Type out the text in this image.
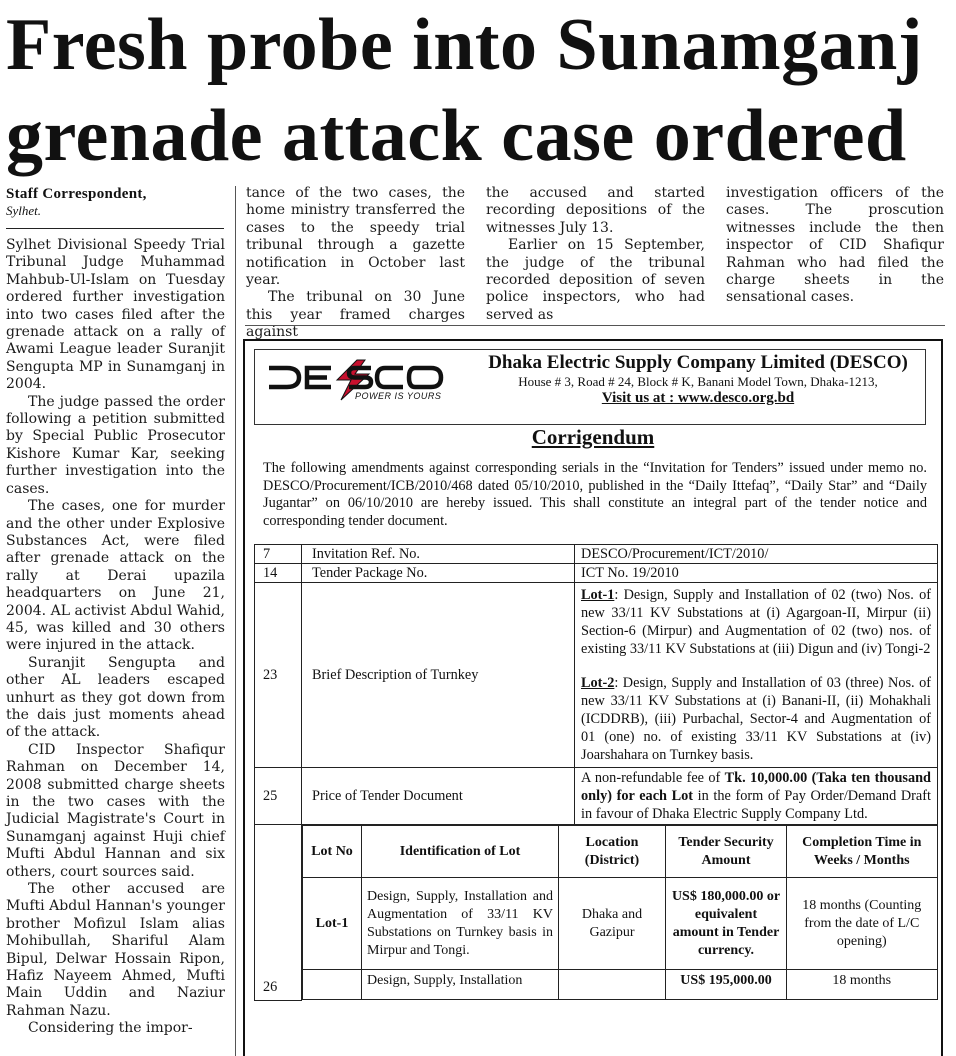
Fresh probe into Sunamganj
grenade attack case ordered
Staff Correspondent,
Sylhet.

Sylhet Divisional Speedy Trial Tribunal Judge Muhammad Mahbub-Ul-Islam on Tuesday ordered further investigation into two cases filed after the grenade attack on a rally of Awami League leader Suranjit Sengupta MP in Sunamganj in 2004.

The judge passed the order following a petition submitted by Special Public Prosecutor Kishore Kumar Kar, seeking further investigation into the cases.

The cases, one for murder and the other under Explosive Substances Act, were filed after grenade attack on the rally at Derai upazila headquarters on June 21, 2004. AL activist Abdul Wahid, 45, was killed and 30 others were injured in the attack.

Suranjit Sengupta and other AL leaders escaped unhurt as they got down from the dais just moments ahead of the attack.

CID Inspector Shafiqur Rahman on December 14, 2008 submitted charge sheets in the two cases with the Judicial Magistrate's Court in Sunamganj against Huji chief Mufti Abdul Hannan and six others, court sources said.

The other accused are Mufti Abdul Hannan's younger brother Mofizul Islam alias Mohibullah, Shariful Alam Bipul, Delwar Hossain Ripon, Hafiz Nayeem Ahmed, Mufti Main Uddin and Naziur Rahman Nazu.

Considering the impor-

tance of the two cases, the home ministry transferred the cases to the speedy trial tribunal through a gazette notification in October last year.

The tribunal on 30 June this year framed charges against

the accused and started recording depositions of the witnesses July 13.

Earlier on 15 September, the judge of the tribunal recorded deposition of seven police inspectors, who had served as

investigation officers of the cases. The proscution witnesses include the then inspector of CID Shafiqur Rahman who had filed the charge sheets in the sensational cases.

POWER IS YOURS
Dhaka Electric Supply Company Limited (DESCO)
House # 3, Road # 24, Block # K, Banani Model Town, Dhaka-1213,
Visit us at : www.desco.org.bd
Corrigendum
The following amendments against corresponding serials in the “Invitation for Tenders” issued under memo no. DESCO/Procurement/ICB/2010/468 dated 05/10/2010, published in the “Daily Ittefaq”, “Daily Star” and “Daily Jugantar” on 06/10/2010 are hereby issued. This shall constitute an integral part of the tender notice and corresponding tender document.
7	Invitation Ref. No.	DESCO/Procurement/ICT/2010/
14	Tender Package No.	ICT No. 19/2010
23	Brief Description of Turnkey	
Lot-1: Design, Supply and Installation of 02 (two) Nos. of new 33/11 KV Substations at (i) Agargoan-II, Mirpur (ii) Section-6 (Mirpur) and Augmentation of 02 (two) nos. of existing 33/11 KV Substations at (iii) Digun and (iv) Tongi-2
Lot-2: Design, Supply and Installation of 03 (three) Nos. of new 33/11 KV Substations at (i) Banani-II, (ii) Mohakhali (ICDDRB), (iii) Purbachal, Sector-4 and Augmentation of 01 (one) no. of existing 33/11 KV Substations at (iv) Joarshahara on Turnkey basis.

25	Price of Tender Document	A non-refundable fee of Tk. 10,000.00 (Taka ten thousand only) for each Lot in the form of Pay Order/Demand Draft in favour of Dhaka Electric Supply Company Ltd.
26	
Lot No	Identification of Lot	Location (District)	Tender Security Amount	Completion Time in Weeks / Months
Lot-1	Design, Supply, Installation and Augmentation of 33/11 KV Substations on Turnkey basis in Mirpur and Tongi.	Dhaka and Gazipur	US$ 180,000.00 or equivalent amount in Tender currency.	18 months (Counting from the date of L/C opening)
	Design, Supply, Installation		US$ 195,000.00	18 months
